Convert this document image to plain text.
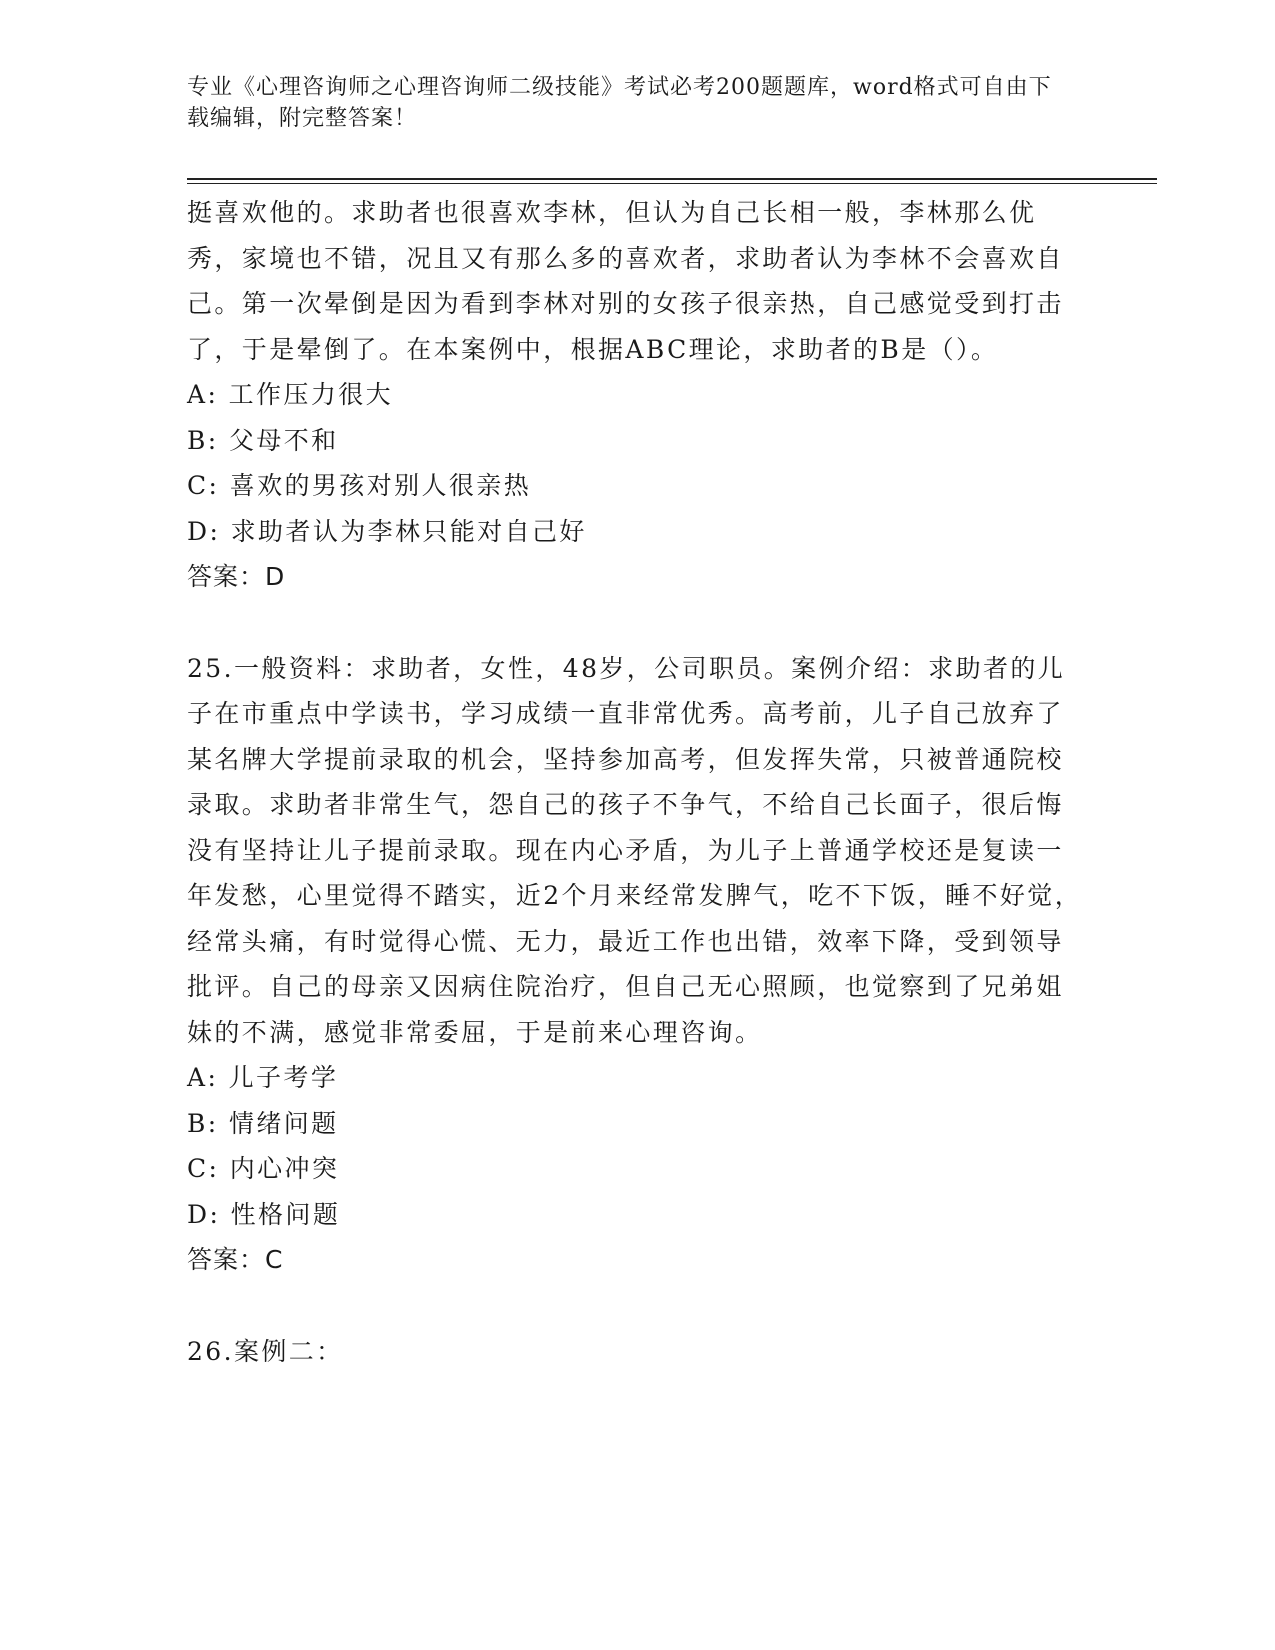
专业《心理咨询师之心理咨询师二级技能》考试必考200题题库，word格式可自由下载编辑，附完整答案！

挺喜欢他的。求助者也很喜欢李林，但认为自己长相一般，李林那么优秀，家境也不错，况且又有那么多的喜欢者，求助者认为李林不会喜欢自己。第一次晕倒是因为看到李林对别的女孩子很亲热，自己感觉受到打击了，于是晕倒了。在本案例中，根据ABC理论，求助者的B是（）。

A: 工作压力很大

B: 父母不和

C: 喜欢的男孩对别人很亲热

D: 求助者认为李林只能对自己好

答案：D

25.一般资料：求助者，女性，48岁，公司职员。案例介绍：求助者的儿子在市重点中学读书，学习成绩一直非常优秀。高考前，儿子自己放弃了某名牌大学提前录取的机会，坚持参加高考，但发挥失常，只被普通院校录取。求助者非常生气，怨自己的孩子不争气，不给自己长面子，很后悔没有坚持让儿子提前录取。现在内心矛盾，为儿子上普通学校还是复读一年发愁，心里觉得不踏实，近2个月来经常发脾气，吃不下饭，睡不好觉，经常头痛，有时觉得心慌、无力，最近工作也出错，效率下降，受到领导批评。自己的母亲又因病住院治疗，但自己无心照顾，也觉察到了兄弟姐妹的不满，感觉非常委屈，于是前来心理咨询。

A: 儿子考学

B: 情绪问题

C: 内心冲突

D: 性格问题

答案：C

26.案例二：
